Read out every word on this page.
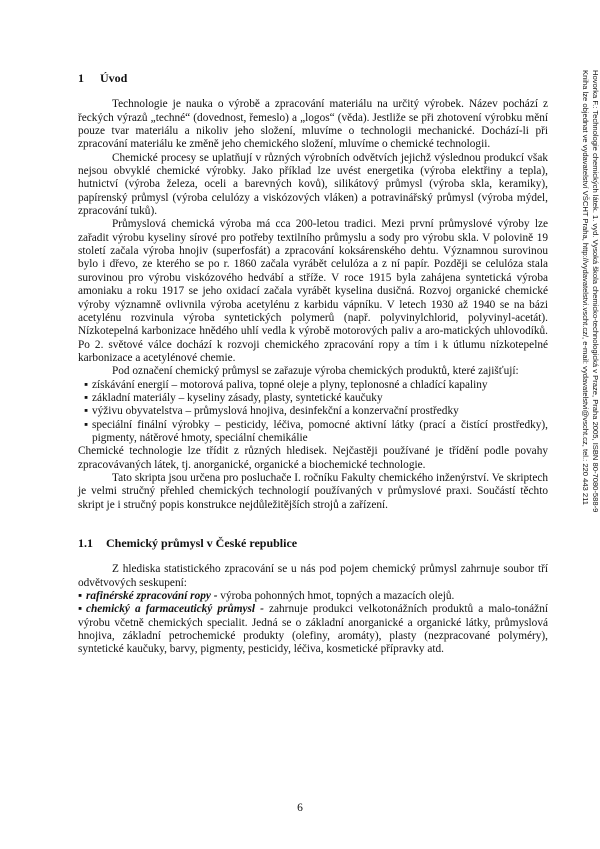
1	Úvod

Technologie je nauka o výrobě a zpracování materiálu na určitý výrobek. Název pochází z řeckých výrazů „techné“ (dovednost, řemeslo) a „logos“ (věda). Jestliže se při zhotovení výrobku mění pouze tvar materiálu a nikoliv jeho složení, mluvíme o technologii mechanické. Dochází-li při zpracování materiálu ke změně jeho chemického složení, mluvíme o chemické technologii.

Chemické procesy se uplatňují v různých výrobních odvětvích jejichž výslednou produkcí však nejsou obvyklé chemické výrobky. Jako příklad lze uvést energetika (výroba elektřiny a tepla), hutnictví (výroba železa, oceli a barevných kovů), silikátový průmysl (výroba skla, keramiky), papírenský průmysl (výroba celulózy a viskózových vláken) a potravinářský průmysl (výroba mýdel, zpracování tuků).

Průmyslová chemická výroba má cca 200-letou tradici. Mezi první průmyslové výroby lze zařadit výrobu kyseliny sírové pro potřeby textilního průmyslu a sody pro výrobu skla. V polovině 19 století začala výroba hnojiv (superfosfát) a zpracování koksárenského dehtu. Významnou surovinou bylo i dřevo, ze kterého se po r. 1860 začala vyrábět celulóza a z ní papír. Později se celulóza stala surovinou pro výrobu viskózového hedvábí a stříže. V roce 1915 byla zahájena syntetická výroba amoniaku a roku 1917 se jeho oxidací začala vyrábět kyselina dusičná. Rozvoj organické chemické výroby významně ovlivnila výroba acetylénu z karbidu vápníku. V letech 1930 až 1940 se na bázi acetylénu rozvinula výroba syntetických polymerů (např. polyvinylchlorid, polyvinyl-acetát). Nízkotepelná karbonizace hnědého uhlí vedla k výrobě motorových paliv a aro-matických uhlovodíků. Po 2. světové válce dochází k rozvoji chemického zpracování ropy a tím i k útlumu nízkotepelné karbonizace a acetylénové chemie.

Pod označení chemický průmysl se zařazuje výroba chemických produktů, které zajišťují:

▪ získávání energií – motorová paliva, topné oleje a plyny, teplonosné a chladící kapaliny
▪ základní materiály – kyseliny zásady, plasty, syntetické kaučuky
▪ výživu obyvatelstva – průmyslová hnojiva, desinfekční a konzervační prostředky
▪ speciální finální výrobky – pesticidy, léčiva, pomocné aktivní látky (prací a čistící prostředky), pigmenty, nátěrové hmoty, speciální chemikálie

Chemické technologie lze třídit z různých hledisek. Nejčastěji používané je třídění podle povahy zpracovávaných látek, tj. anorganické, organické a biochemické technologie.

Tato skripta jsou určena pro posluchače I. ročníku Fakulty chemického inženýrství. Ve skriptech je velmi stručný přehled chemických technologií používaných v průmyslové praxi. Součástí těchto skript je i stručný popis konstrukce nejdůležitějších strojů a zařízení.

1.1	Chemický průmysl v České republice

Z hlediska statistického zpracování se u nás pod pojem chemický průmysl zahrnuje soubor tří odvětvových seskupení:

▪ rafinérské zpracování ropy - výroba pohonných hmot, topných a mazacích olejů.
▪ chemický a farmaceutický průmysl - zahrnuje produkci velkotonážních produktů a malo-tonážní výrobu včetně chemických specialit. Jedná se o základní anorganické a organické látky, průmyslová hnojiva, základní petrochemické produkty (olefiny, aromáty), plasty (nezpracované polyméry), syntetické kaučuky, barvy, pigmenty, pesticidy, léčiva, kosmetické přípravky atd.
6
Hovorka F.: Technologie chemických látek. 1. vyd. Vysoká škola chemicko-technologická v Praze, Praha 2005, ISBN 80-7080-588-9
Kniha lze objednat ve vydavatelství VŠCHT Praha, http://vydavatelstvi.vscht.cz/, e-mail: vydavatelstvi@vscht.cz, tel.: 220 443 211
